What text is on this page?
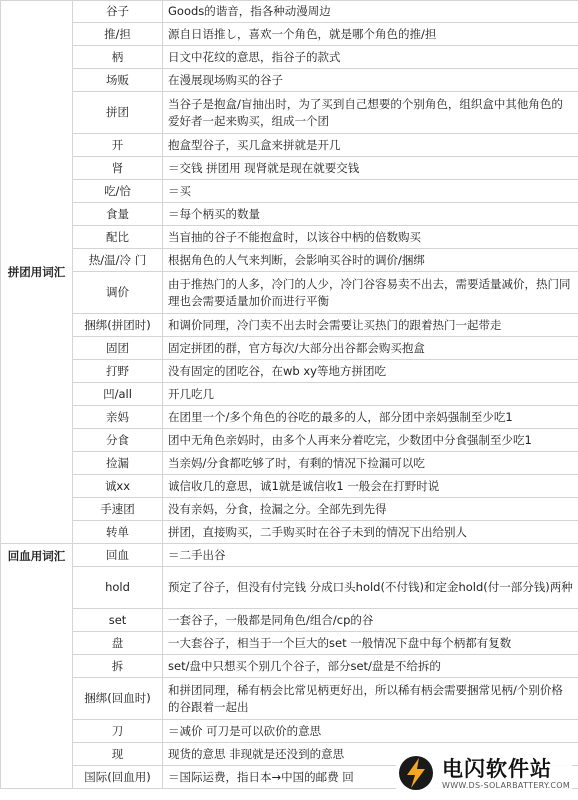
拼团用词汇	谷子	Goods的谐音，指各种动漫周边
	推/担	源自日语推し，喜欢一个角色，就是哪个角色的推/担
	柄	日文中花纹的意思，指谷子的款式
	场贩	在漫展现场购买的谷子
	拼团	当谷子是抱盒/盲抽出时，为了买到自己想要的个别角色，组织盒中其他角色的爱好者一起来购买，组成一个团
	开	抱盒型谷子，买几盒来拼就是开几
	肾	＝交钱 拼团用 现肾就是现在就要交钱
	吃/恰	＝买
	食量	＝每个柄买的数量
	配比	当盲抽的谷子不能抱盒时，以该谷中柄的倍数购买
	热/温/冷 门	根据角色的人气来判断，会影响买谷时的调价/捆绑
	调价	由于推热门的人多，冷门的人少，冷门谷容易卖不出去，需要适量减价，热门同理也会需要适量加价而进行平衡
	捆绑(拼团时)	和调价同理，冷门卖不出去时会需要让买热门的跟着热门一起带走
	固团	固定拼团的群，官方每次/大部分出谷都会购买抱盒
	打野	没有固定的团吃谷，在wb xy等地方拼团吃
	凹/all	开几吃几
	亲妈	在团里一个/多个角色的谷吃的最多的人，部分团中亲妈强制至少吃1
	分食	团中无角色亲妈时，由多个人再来分着吃完，少数团中分食强制至少吃1
	捡漏	当亲妈/分食都吃够了时，有剩的情况下捡漏可以吃
	诚xx	诚信收几的意思，诚1就是诚信收1 一般会在打野时说
	手速团	没有亲妈，分食，捡漏之分。全部先到先得
	转单	拼团，直接购买，二手购买时在谷子未到的情况下出给别人
回血用词汇	回血	＝二手出谷
	hold	预定了谷子，但没有付完钱 分成口头hold(不付钱)和定金hold(付一部分钱)两种
	set	一套谷子，一般都是同角色/组合/cp的谷
	盘	一大套谷子，相当于一个巨大的set 一般情况下盘中每个柄都有复数
	拆	set/盘中只想买个别几个谷子，部分set/盘是不给拆的
	捆绑(回血时)	和拼团同理，稀有柄会比常见柄更好出，所以稀有柄会需要捆常见柄/个别价格的谷跟着一起出
	刀	＝减价 可刀是可以砍价的意思
	现	现货的意思 非现就是还没到的意思
	国际(回血用)	＝国际运费，指日本→中国的邮费 回	电闪软件站
WWW.DS-SOLARBATTERY.COM
